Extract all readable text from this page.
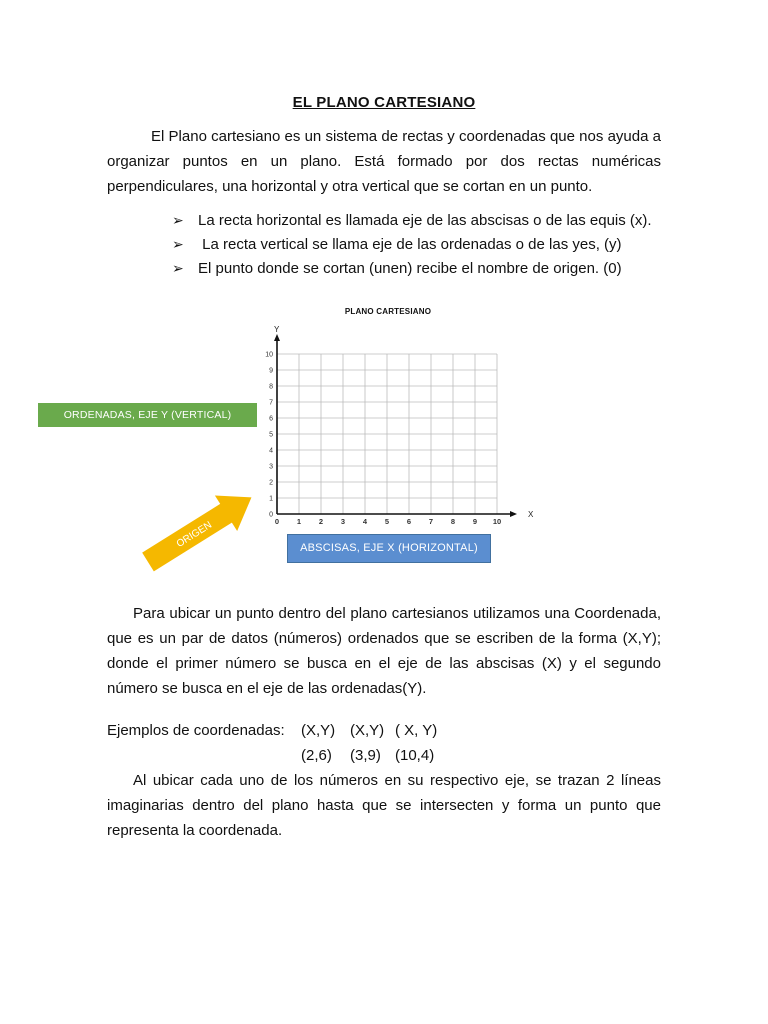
EL PLANO CARTESIANO
El Plano cartesiano es un sistema de rectas y coordenadas que nos ayuda a organizar puntos en un plano. Está formado por dos rectas numéricas perpendiculares, una horizontal y otra vertical que se cortan en un punto.
➢ La recta horizontal es llamada eje de las abscisas o de las equis (x).
➢ La recta vertical se llama eje de las ordenadas o de las yes, (y)
➢ El punto donde se cortan (unen) recibe el nombre de origen. (0)
PLANO CARTESIANO
0 1 2 3 4 5 6 7 8 9 10
0
1
2
3
4
5
6
7
8
9
10
X
Y
ORDENADAS, EJE Y (VERTICAL)
ABSCISAS, EJE X (HORIZONTAL)
ORIGEN
Para ubicar un punto dentro del plano cartesianos utilizamos una Coordenada, que es un par de datos (números) ordenados que se escriben de la forma (X,Y); donde el primer número se busca en el eje de las abscisas (X) y el segundo número se busca en el eje de las ordenadas(Y).
Ejemplos de coordenadas: (X,Y) (X,Y) ( X, Y)
(2,6) (3,9) (10,4)
Al ubicar cada uno de los números en su respectivo eje, se trazan 2 líneas imaginarias dentro del plano hasta que se intersecten y forma un punto que representa la coordenada.
